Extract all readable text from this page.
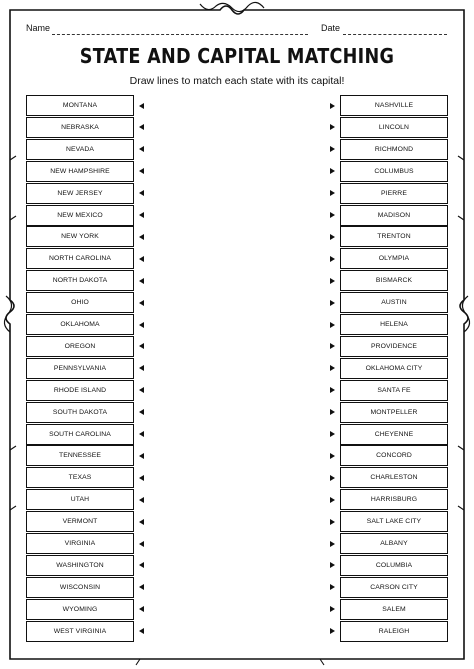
Name	Date
STATE AND CAPITAL MATCHING
Draw lines to match each state with its capital!
MONTANA
NEBRASKA
NEVADA
NEW HAMPSHIRE
NEW JERSEY
NEW MEXICO
NEW YORK
NORTH CAROLINA
NORTH DAKOTA
OHIO
OKLAHOMA
OREGON
PENNSYLVANIA
RHODE ISLAND
SOUTH DAKOTA
SOUTH CAROLINA
TENNESSEE
TEXAS
UTAH
VERMONT
VIRGINIA
WASHINGTON
WISCONSIN
WYOMING
WEST VIRGINIA
NASHVILLE
LINCOLN
RICHMOND
COLUMBUS
PIERRE
MADISON
TRENTON
OLYMPIA
BISMARCK
AUSTIN
HELENA
PROVIDENCE
OKLAHOMA CITY
SANTA FE
MONTPELLER
CHEYENNE
CONCORD
CHARLESTON
HARRISBURG
SALT LAKE CITY
ALBANY
COLUMBIA
CARSON CITY
SALEM
RALEIGH
